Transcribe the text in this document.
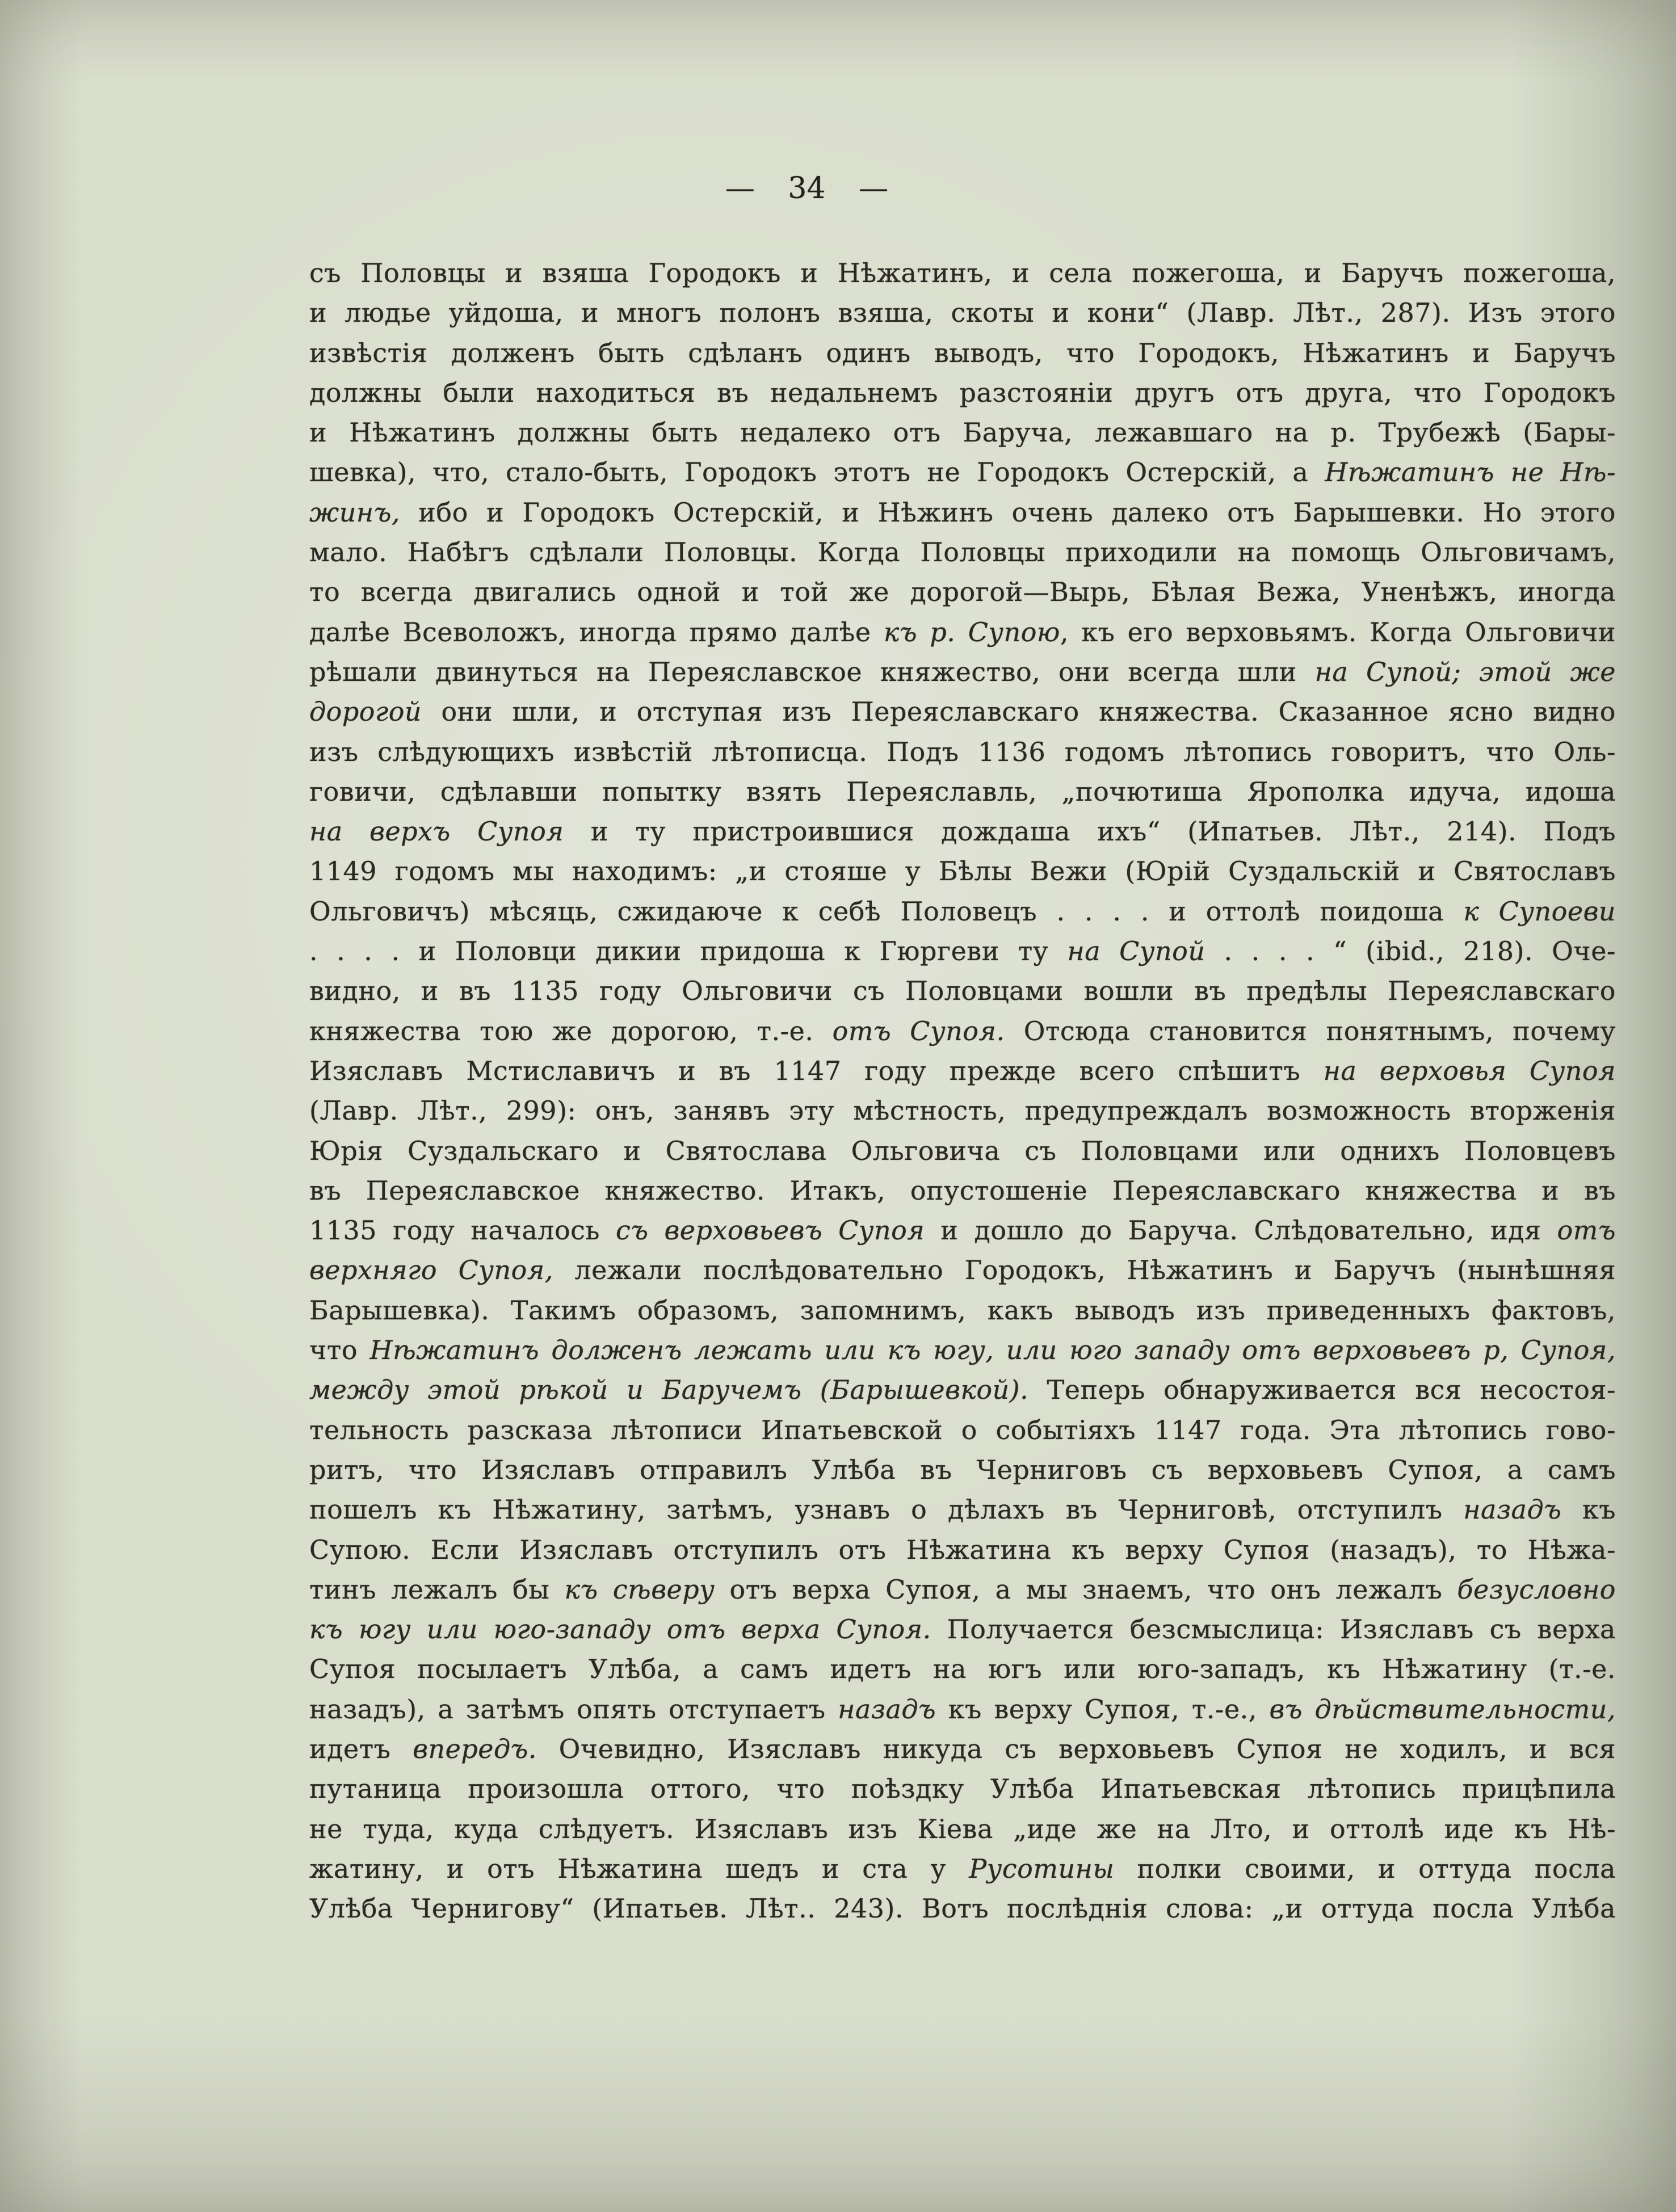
— 34 —
съ Половцы и взяша Городокъ и Нѣжатинъ, и села пожегоша, и Баручъ пожегоша,
и людье уйдоша, и многъ полонъ взяша, скоты и кони“ (Лавр. Лѣт., 287). Изъ этого
извѣстія долженъ быть сдѣланъ одинъ выводъ, что Городокъ, Нѣжатинъ и Баручъ
должны были находиться въ недальнемъ разстояніи другъ отъ друга, что Городокъ
и Нѣжатинъ должны быть недалеко отъ Баруча, лежавшаго на р. Трубежѣ (Бары-
шевка), что, стало-быть, Городокъ этотъ не Городокъ Остерскій, а Нѣжатинъ не Нѣ-
жинъ, ибо и Городокъ Остерскій, и Нѣжинъ очень далеко отъ Барышевки. Но этого
мало. Набѣгъ сдѣлали Половцы. Когда Половцы приходили на помощь Ольговичамъ,
то всегда двигались одной и той же дорогой—Вырь, Бѣлая Вежа, Уненѣжъ, иногда
далѣе Всеволожъ, иногда прямо далѣе къ р. Супою, къ его верховьямъ. Когда Ольговичи
рѣшали двинуться на Переяславское княжество, они всегда шли на Супой; этой же
дорогой они шли, и отступая изъ Переяславскаго княжества. Сказанное ясно видно
изъ слѣдующихъ извѣстій лѣтописца. Подъ 1136 годомъ лѣтопись говоритъ, что Оль-
говичи, сдѣлавши попытку взять Переяславль, „почютиша Ярополка идуча, идоша
на верхъ Супоя и ту пристроившися дождаша ихъ“ (Ипатьев. Лѣт., 214). Подъ
1149 годомъ мы находимъ: „и стояше у Бѣлы Вежи (Юрій Суздальскій и Святославъ
Ольговичъ) мѣсяць, сжидаюче к себѣ Половецъ . . . . и оттолѣ поидоша к Супоеви
. . . . и Половци дикии придоша к Гюргеви ту на Супой . . . . “ (ibid., 218). Оче-
видно, и въ 1135 году Ольговичи съ Половцами вошли въ предѣлы Переяславскаго
княжества тою же дорогою, т.-е. отъ Супоя. Отсюда становится понятнымъ, почему
Изяславъ Мстиславичъ и въ 1147 году прежде всего спѣшитъ на верховья Супоя
(Лавр. Лѣт., 299): онъ, занявъ эту мѣстность, предупреждалъ возможность вторженія
Юрія Суздальскаго и Святослава Ольговича съ Половцами или однихъ Половцевъ
въ Переяславское княжество. Итакъ, опустошеніе Переяславскаго княжества и въ
1135 году началось съ верховьевъ Супоя и дошло до Баруча. Слѣдовательно, идя отъ
верхняго Супоя, лежали послѣдовательно Городокъ, Нѣжатинъ и Баручъ (нынѣшняя
Барышевка). Такимъ образомъ, запомнимъ, какъ выводъ изъ приведенныхъ фактовъ,
что Нѣжатинъ долженъ лежать или къ югу, или юго западу отъ верховьевъ р, Супоя,
между этой рѣкой и Баручемъ (Барышевкой). Теперь обнаруживается вся несостоя-
тельность разсказа лѣтописи Ипатьевской о событіяхъ 1147 года. Эта лѣтопись гово-
ритъ, что Изяславъ отправилъ Улѣба въ Черниговъ съ верховьевъ Супоя, а самъ
пошелъ къ Нѣжатину, затѣмъ, узнавъ о дѣлахъ въ Черниговѣ, отступилъ назадъ къ
Супою. Если Изяславъ отступилъ отъ Нѣжатина къ верху Супоя (назадъ), то Нѣжа-
тинъ лежалъ бы къ сѣверу отъ верха Супоя, а мы знаемъ, что онъ лежалъ безусловно
къ югу или юго-западу отъ верха Супоя. Получается безсмыслица: Изяславъ съ верха
Супоя посылаетъ Улѣба, а самъ идетъ на югъ или юго-западъ, къ Нѣжатину (т.-е.
назадъ), а затѣмъ опять отступаетъ назадъ къ верху Супоя, т.-е., въ дѣйствительности,
идетъ впередъ. Очевидно, Изяславъ никуда съ верховьевъ Супоя не ходилъ, и вся
путаница произошла оттого, что поѣздку Улѣба Ипатьевская лѣтопись прицѣпила
не туда, куда слѣдуетъ. Изяславъ изъ Кіева „иде же на Лто, и оттолѣ иде къ Нѣ-
жатину, и отъ Нѣжатина шедъ и ста у Русотины полки своими, и оттуда посла
Улѣба Чернигову“ (Ипатьев. Лѣт.. 243). Вотъ послѣднія слова: „и оттуда посла Улѣба
